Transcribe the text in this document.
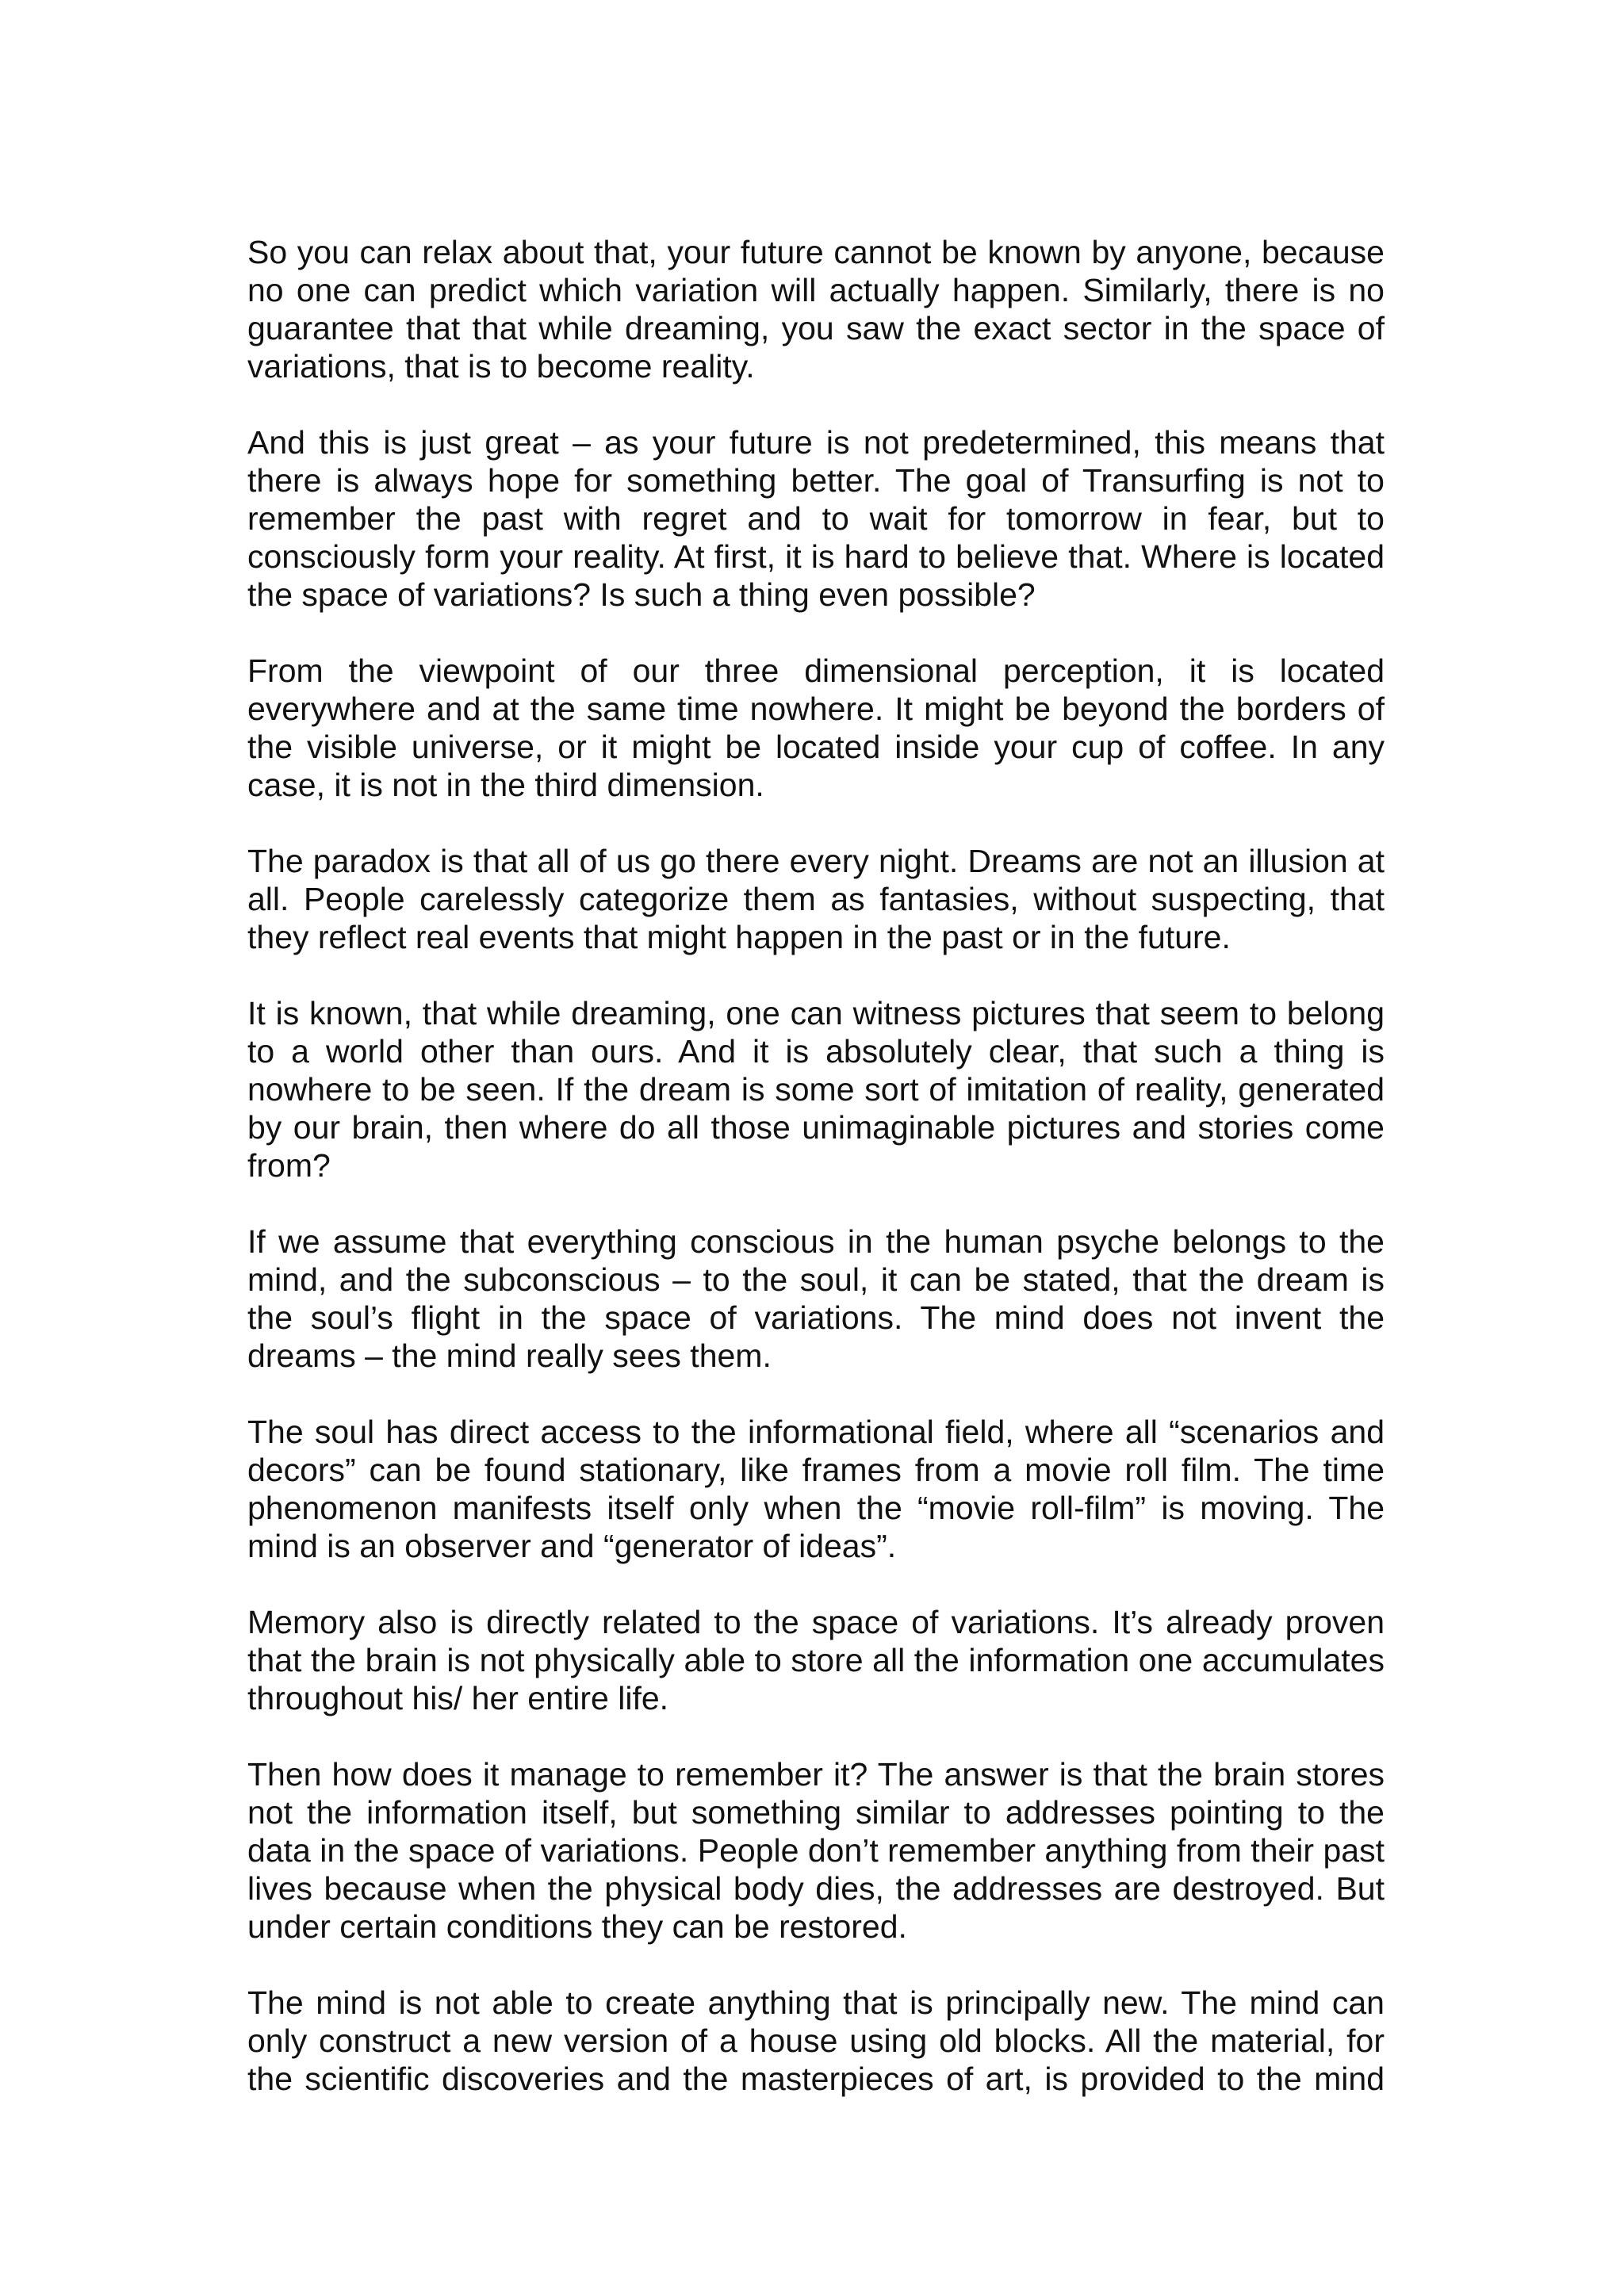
So you can relax about that, your future cannot be known by anyone, because no one can predict which variation will actually happen. Similarly, there is no guarantee that that while dreaming, you saw the exact sector in the space of variations, that is to become reality.

And this is just great – as your future is not predetermined, this means that there is always hope for something better. The goal of Transurfing is not to remember the past with regret and to wait for tomorrow in fear, but to consciously form your reality. At first, it is hard to believe that. Where is located the space of variations? Is such a thing even possible?

From the viewpoint of our three dimensional perception, it is located everywhere and at the same time nowhere. It might be beyond the borders of the visible universe, or it might be located inside your cup of coffee. In any case, it is not in the third dimension.

The paradox is that all of us go there every night. Dreams are not an illusion at all. People carelessly categorize them as fantasies, without suspecting, that they reflect real events that might happen in the past or in the future.

It is known, that while dreaming, one can witness pictures that seem to belong to a world other than ours. And it is absolutely clear, that such a thing is nowhere to be seen. If the dream is some sort of imitation of reality, generated by our brain, then where do all those unimaginable pictures and stories come from?

If we assume that everything conscious in the human psyche belongs to the mind, and the subconscious – to the soul, it can be stated, that the dream is the soul’s flight in the space of variations. The mind does not invent the dreams – the mind really sees them.

The soul has direct access to the informational field, where all “scenarios and decors” can be found stationary, like frames from a movie roll film. The time phenomenon manifests itself only when the “movie roll-film” is moving. The mind is an observer and “generator of ideas”.

Memory also is directly related to the space of variations. It’s already proven that the brain is not physically able to store all the information one accumulates throughout his/ her entire life.

Then how does it manage to remember it? The answer is that the brain stores not the information itself, but something similar to addresses pointing to the data in the space of variations. People don’t remember anything from their past lives because when the physical body dies, the addresses are destroyed. But under certain conditions they can be restored.

The mind is not able to create anything that is principally new. The mind can only construct a new version of a house using old blocks. All the material, for the scientific discoveries and the masterpieces of art, is provided to the mind
